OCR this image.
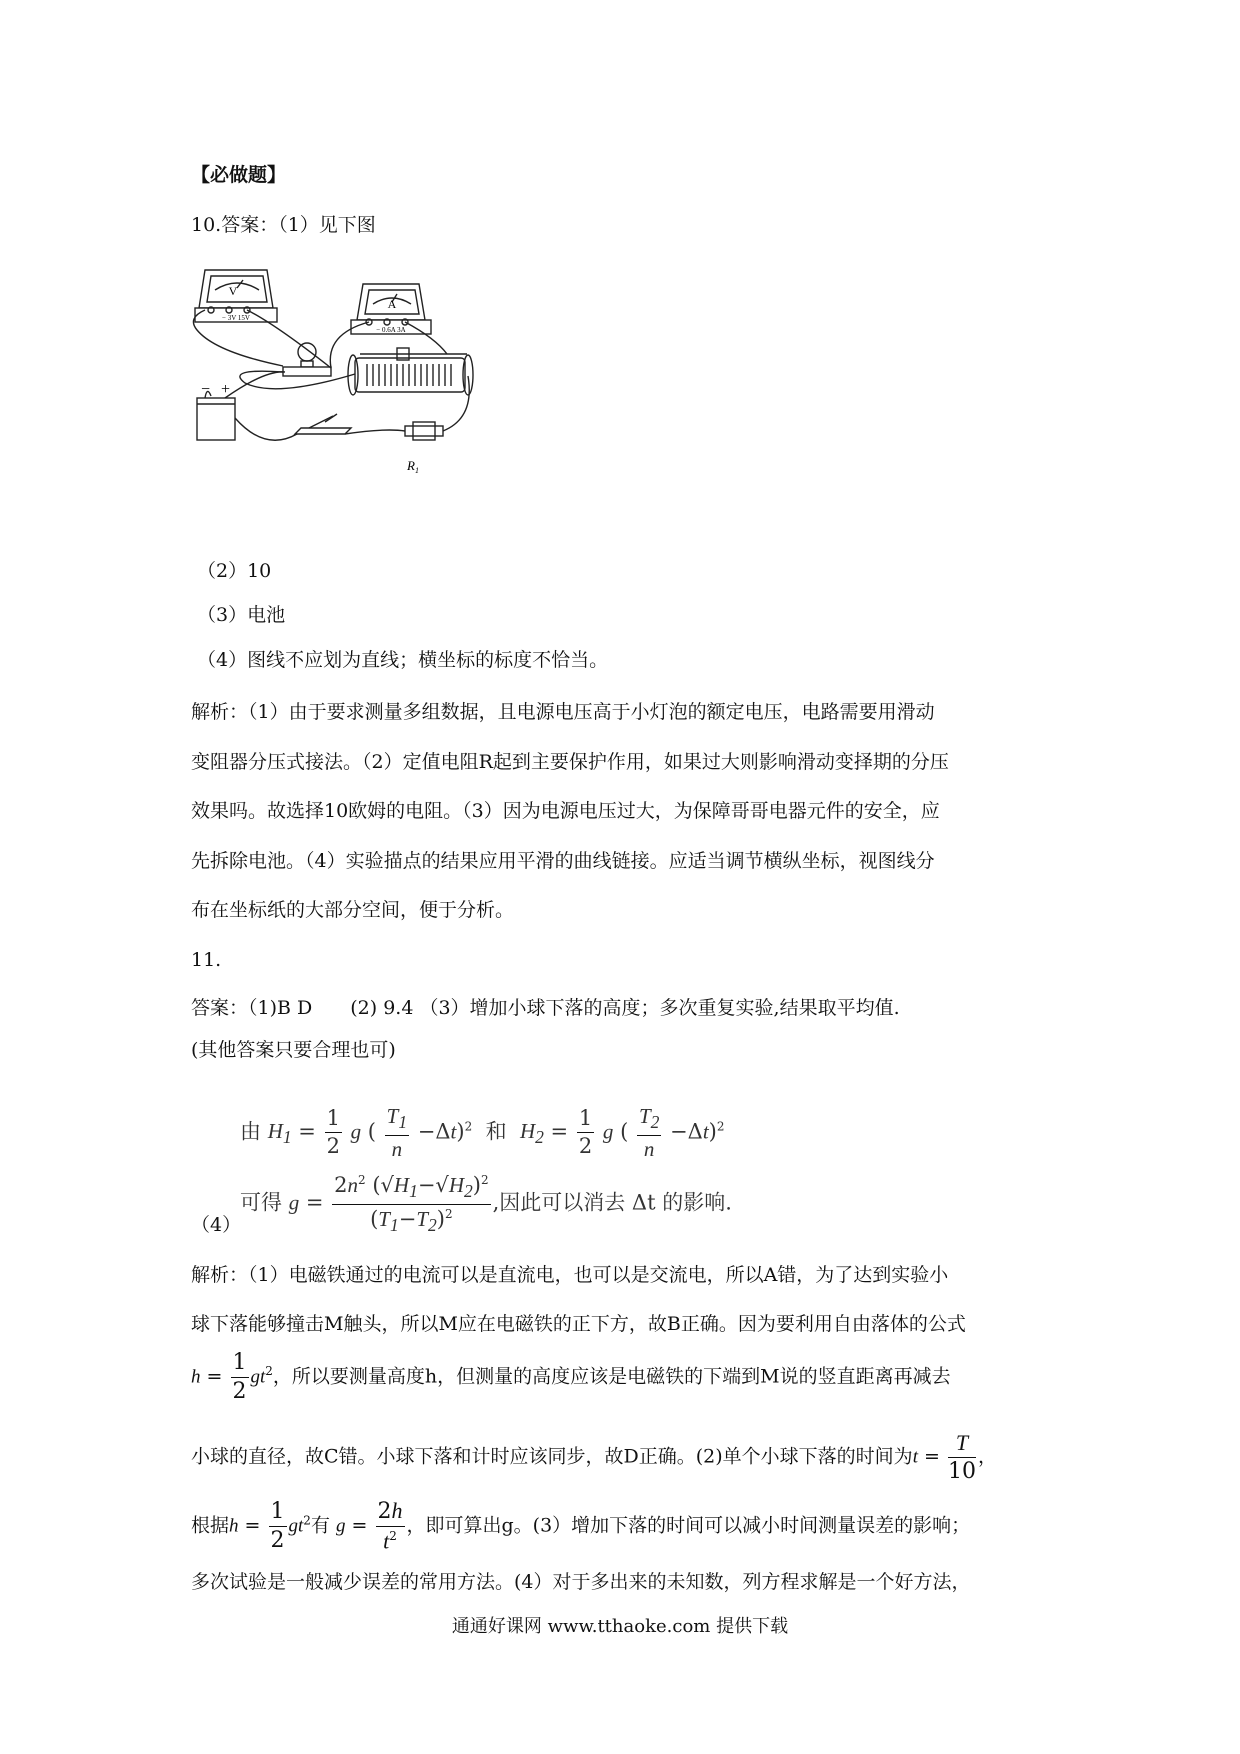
【必做题】
10.答案：（1）见下图
V
− 3V 15V
A
− 0.6A 3A
− +
$R_1$
（2）10
（3）电池
（4）图线不应划为直线；横坐标的标度不恰当。
解析：（1）由于要求测量多组数据，且电源电压高于小灯泡的额定电压，电路需要用滑动
变阻器分压式接法。（2）定值电阻R起到主要保护作用，如果过大则影响滑动变择期的分压
效果吗。故选择10欧姆的电阻。（3）因为电源电压过大，为保障哥哥电器元件的安全，应
先拆除电池。（4）实验描点的结果应用平滑的曲线链接。应适当调节横纵坐标，视图线分
布在坐标纸的大部分空间，便于分析。
11.
答案：（1)B D　　(2) 9.4 （3）增加小球下落的高度；多次重复实验,结果取平均值.
(其他答案只要合理也可)
由 $H_1 = \frac{1}{2}$ g ( $\frac{T_1}{n} -\Delta t)^2$ 和 $H_2 = \frac{1}{2}$ g ( $\frac{T_2}{n} -\Delta t)^2$
可得 $g = \frac{2n^2 (√H_1-√H_2)^2}{(T_1-T_2)^2}$ ,因此可以消去 Δt 的影响.
（4）
解析：（1）电磁铁通过的电流可以是直流电，也可以是交流电，所以A错，为了达到实验小
球下落能够撞击M触头，所以M应在电磁铁的正下方，故B正确。因为要利用自由落体的公式
$h = \frac{1}{2} gt^2$，所以要测量高度h，但测量的高度应该是电磁铁的下端到M说的竖直距离再减去
小球的直径，故C错。小球下落和计时应该同步，故D正确。(2)单个小球下落的时间为$t = \frac{T}{10}$ ，
根据$h = \frac{1}{2} gt^2$有 $g = \frac{2h}{t^2}$ ，即可算出g。(3）增加下落的时间可以减小时间测量误差的影响；
多次试验是一般减少误差的常用方法。(4）对于多出来的未知数，列方程求解是一个好方法，
通通好课网 www.tthaoke.com 提供下载
